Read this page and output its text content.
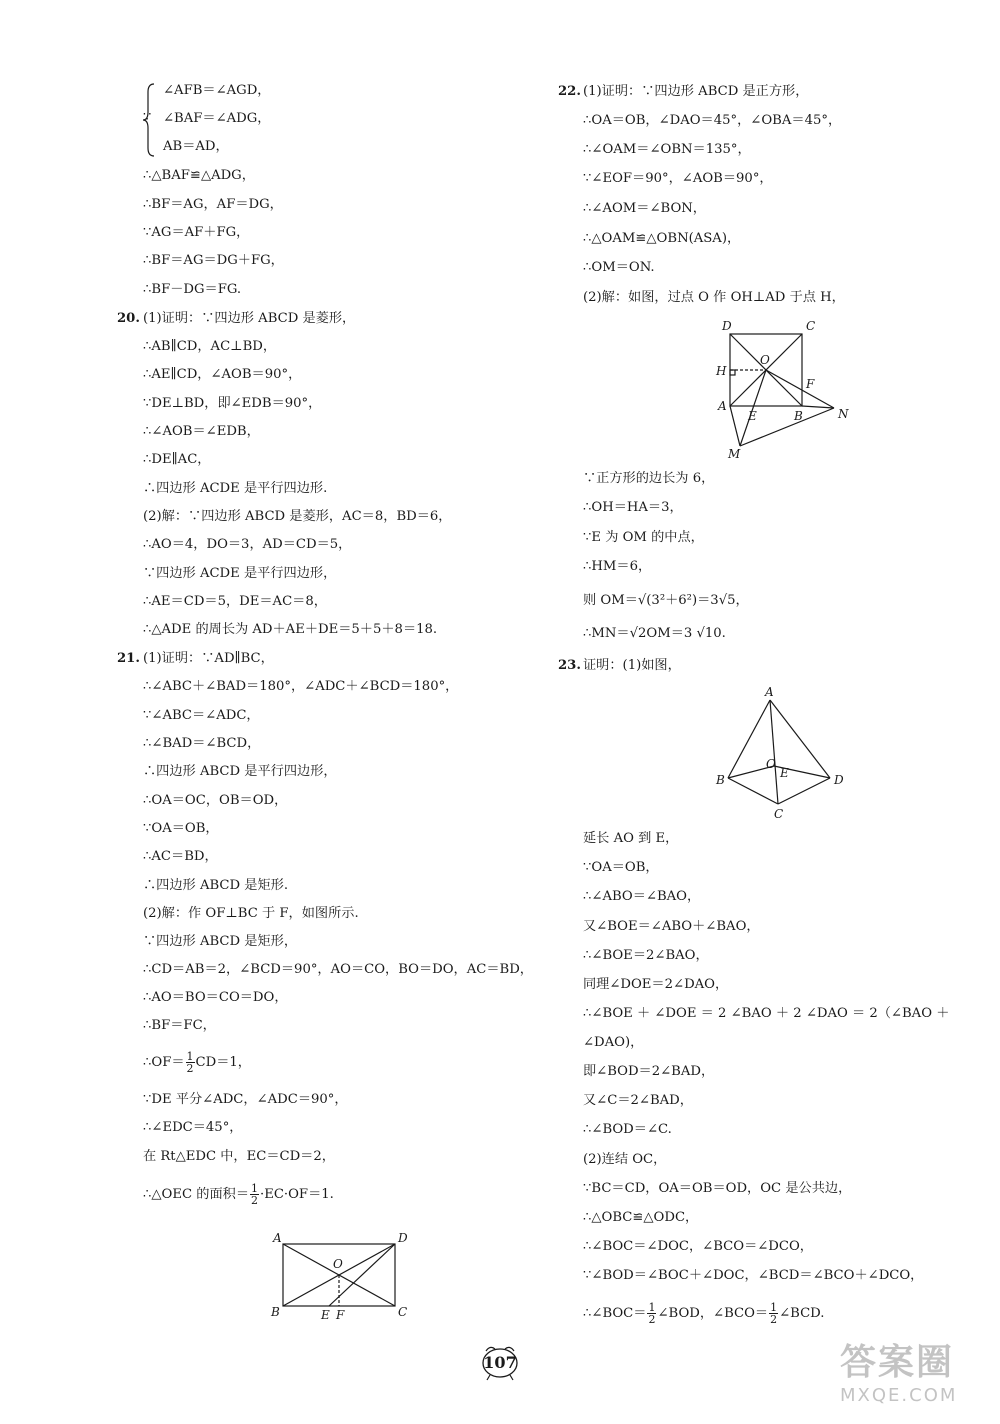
∵
∠AFB＝∠AGD，
∠BAF＝∠ADG，
AB＝AD，
∴△BAF≌△ADG，
∴BF＝AG，AF＝DG，
∵AG＝AF＋FG，
∴BF＝AG＝DG＋FG，
∴BF－DG＝FG.
20. (1)证明：∵四边形 ABCD 是菱形，
∴AB∥CD，AC⊥BD，
∴AE∥CD，∠AOB＝90°，
∵DE⊥BD，即∠EDB＝90°，
∴∠AOB＝∠EDB，
∴DE∥AC，
∴四边形 ACDE 是平行四边形.
(2)解：∵四边形 ABCD 是菱形，AC＝8，BD＝6，
∴AO＝4，DO＝3，AD＝CD＝5，
∵四边形 ACDE 是平行四边形，
∴AE＝CD＝5，DE＝AC＝8，
∴△ADE 的周长为 AD＋AE＋DE＝5＋5＋8＝18.
21. (1)证明：∵AD∥BC，
∴∠ABC＋∠BAD＝180°，∠ADC＋∠BCD＝180°，
∵∠ABC＝∠ADC，
∴∠BAD＝∠BCD，
∴四边形 ABCD 是平行四边形，
∴OA＝OC，OB＝OD，
∵OA＝OB，
∴AC＝BD，
∴四边形 ABCD 是矩形.
(2)解：作 OF⊥BC 于 F，如图所示.
∵四边形 ABCD 是矩形，
∴CD＝AB＝2，∠BCD＝90°，AO＝CO，BO＝DO，AC＝BD，
∴AO＝BO＝CO＝DO，
∴BF＝FC，
∴OF＝ $\frac{1}{2} CD=1$，
∵DE 平分∠ADC，∠ADC＝90°，
∴∠EDC＝45°，
在 Rt△EDC 中，EC＝CD＝2，
∴△OEC 的面积＝ $\frac{1}{2} \cdot EC\cdot OF=1$.
A	D
O
B	E F	C
22. (1)证明：∵四边形 ABCD 是正方形，
∴OA＝OB，∠DAO＝45°，∠OBA＝45°，
∴∠OAM＝∠OBN＝135°，
∵∠EOF＝90°，∠AOB＝90°，
∴∠AOM＝∠BON，
∴△OAM≌△OBN(ASA)，
∴OM＝ON.
(2)解：如图，过点 O 作 OH⊥AD 于点 H，
D	C
O
H
F
A
E	B	N
M
∵正方形的边长为 6，
∴OH＝HA＝3，
∵E 为 OM 的中点，
∴HM＝6，
则 OM＝√(3²＋6²)＝3√5，
∴MN＝√2OM＝3 √10.
23. 证明：(1)如图，
A
O
E
B	D
C
延长 AO 到 E，
∵OA＝OB，
∴∠ABO＝∠BAO，
又∠BOE＝∠ABO＋∠BAO，
∴∠BOE＝2∠BAO，
同理∠DOE＝2∠DAO，
∴∠BOE ＋ ∠DOE ＝ 2 ∠BAO ＋ 2 ∠DAO ＝ 2（∠BAO ＋
∠DAO)，
即∠BOD＝2∠BAD，
又∠C＝2∠BAD，
∴∠BOD＝∠C.
(2)连结 OC，
∵BC＝CD，OA＝OB＝OD，OC 是公共边，
∴△OBC≌△ODC，
∴∠BOC＝∠DOC，∠BCO＝∠DCO，
∵∠BOD＝∠BOC＋∠DOC，∠BCD＝∠BCO＋∠DCO，
∴∠BOC＝ $\frac{1}{2}$ ∠BOD，∠BCO＝ $\frac{1}{2}$ ∠BCD.
107	答案圈
MXQE.COM
